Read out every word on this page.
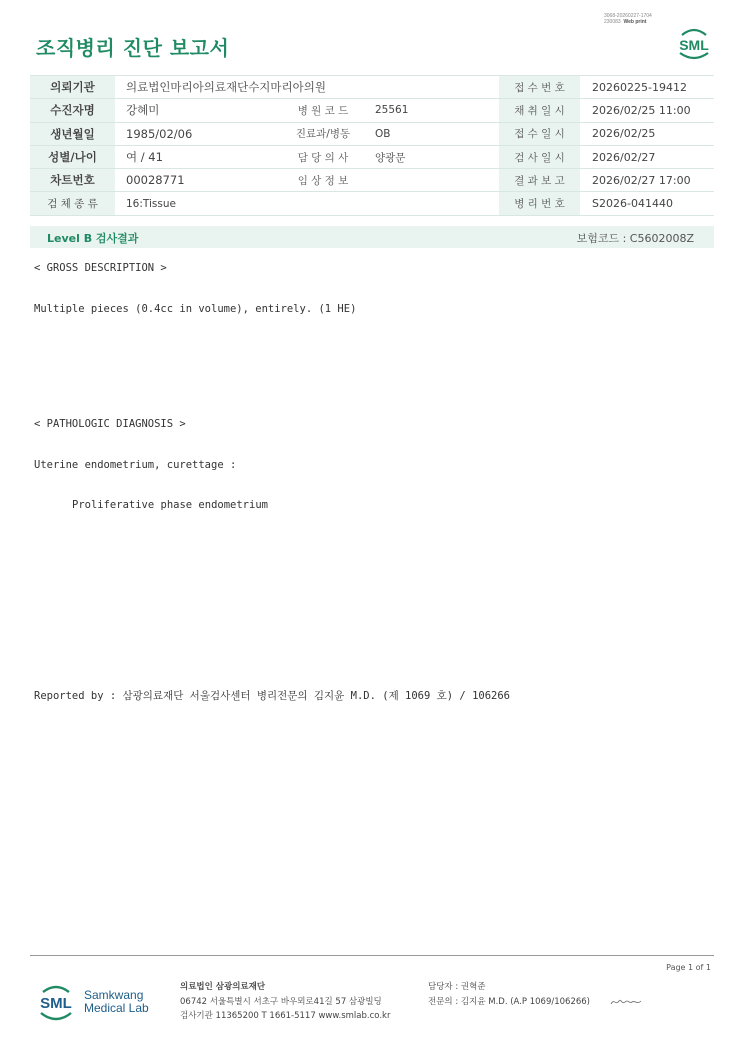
3068-20260227-1704
230083 Web print
조직병리 진단 보고서	SML
의뢰기관	의료법인마리아의료재단수지마리아의원			접 수 번 호	20260225-19412
수진자명	강혜미	병 원 코 드	25561	채 취 일 시	2026/02/25 11:00
생년월일	1985/02/06	진료과/병동	OB	접 수 일 시	2026/02/25
성별/나이	여 / 41	담 당 의 사	양광문	검 사 일 시	2026/02/27
차트번호	00028771	임 상 정 보		결 과 보 고	2026/02/27 17:00
검 체 종 류	16:Tissue			병 리 번 호	S2026-041440
Level B 검사결과	보험코드 : C5602008Z
< GROSS DESCRIPTION >
Multiple pieces (0.4cc in volume), entirely. (1 HE)
< PATHOLOGIC DIAGNOSIS >
Uterine endometrium, curettage :
Proliferative phase endometrium
Reported by : 삼광의료재단 서울검사센터 병리전문의 김지윤 M.D. (제 1069 호) / 106266
Page 1 of 1
SML Samkwang
Medical Lab
의료법인 삼광의료재단
06742 서울특별시 서초구 바우뫼로41길 57 삼광빌딩
검사기관 11365200 T 1661-5117 www.smlab.co.kr
담당자 : 권혁준
전문의 : 김지윤 M.D. (A.P 1069/106266)
